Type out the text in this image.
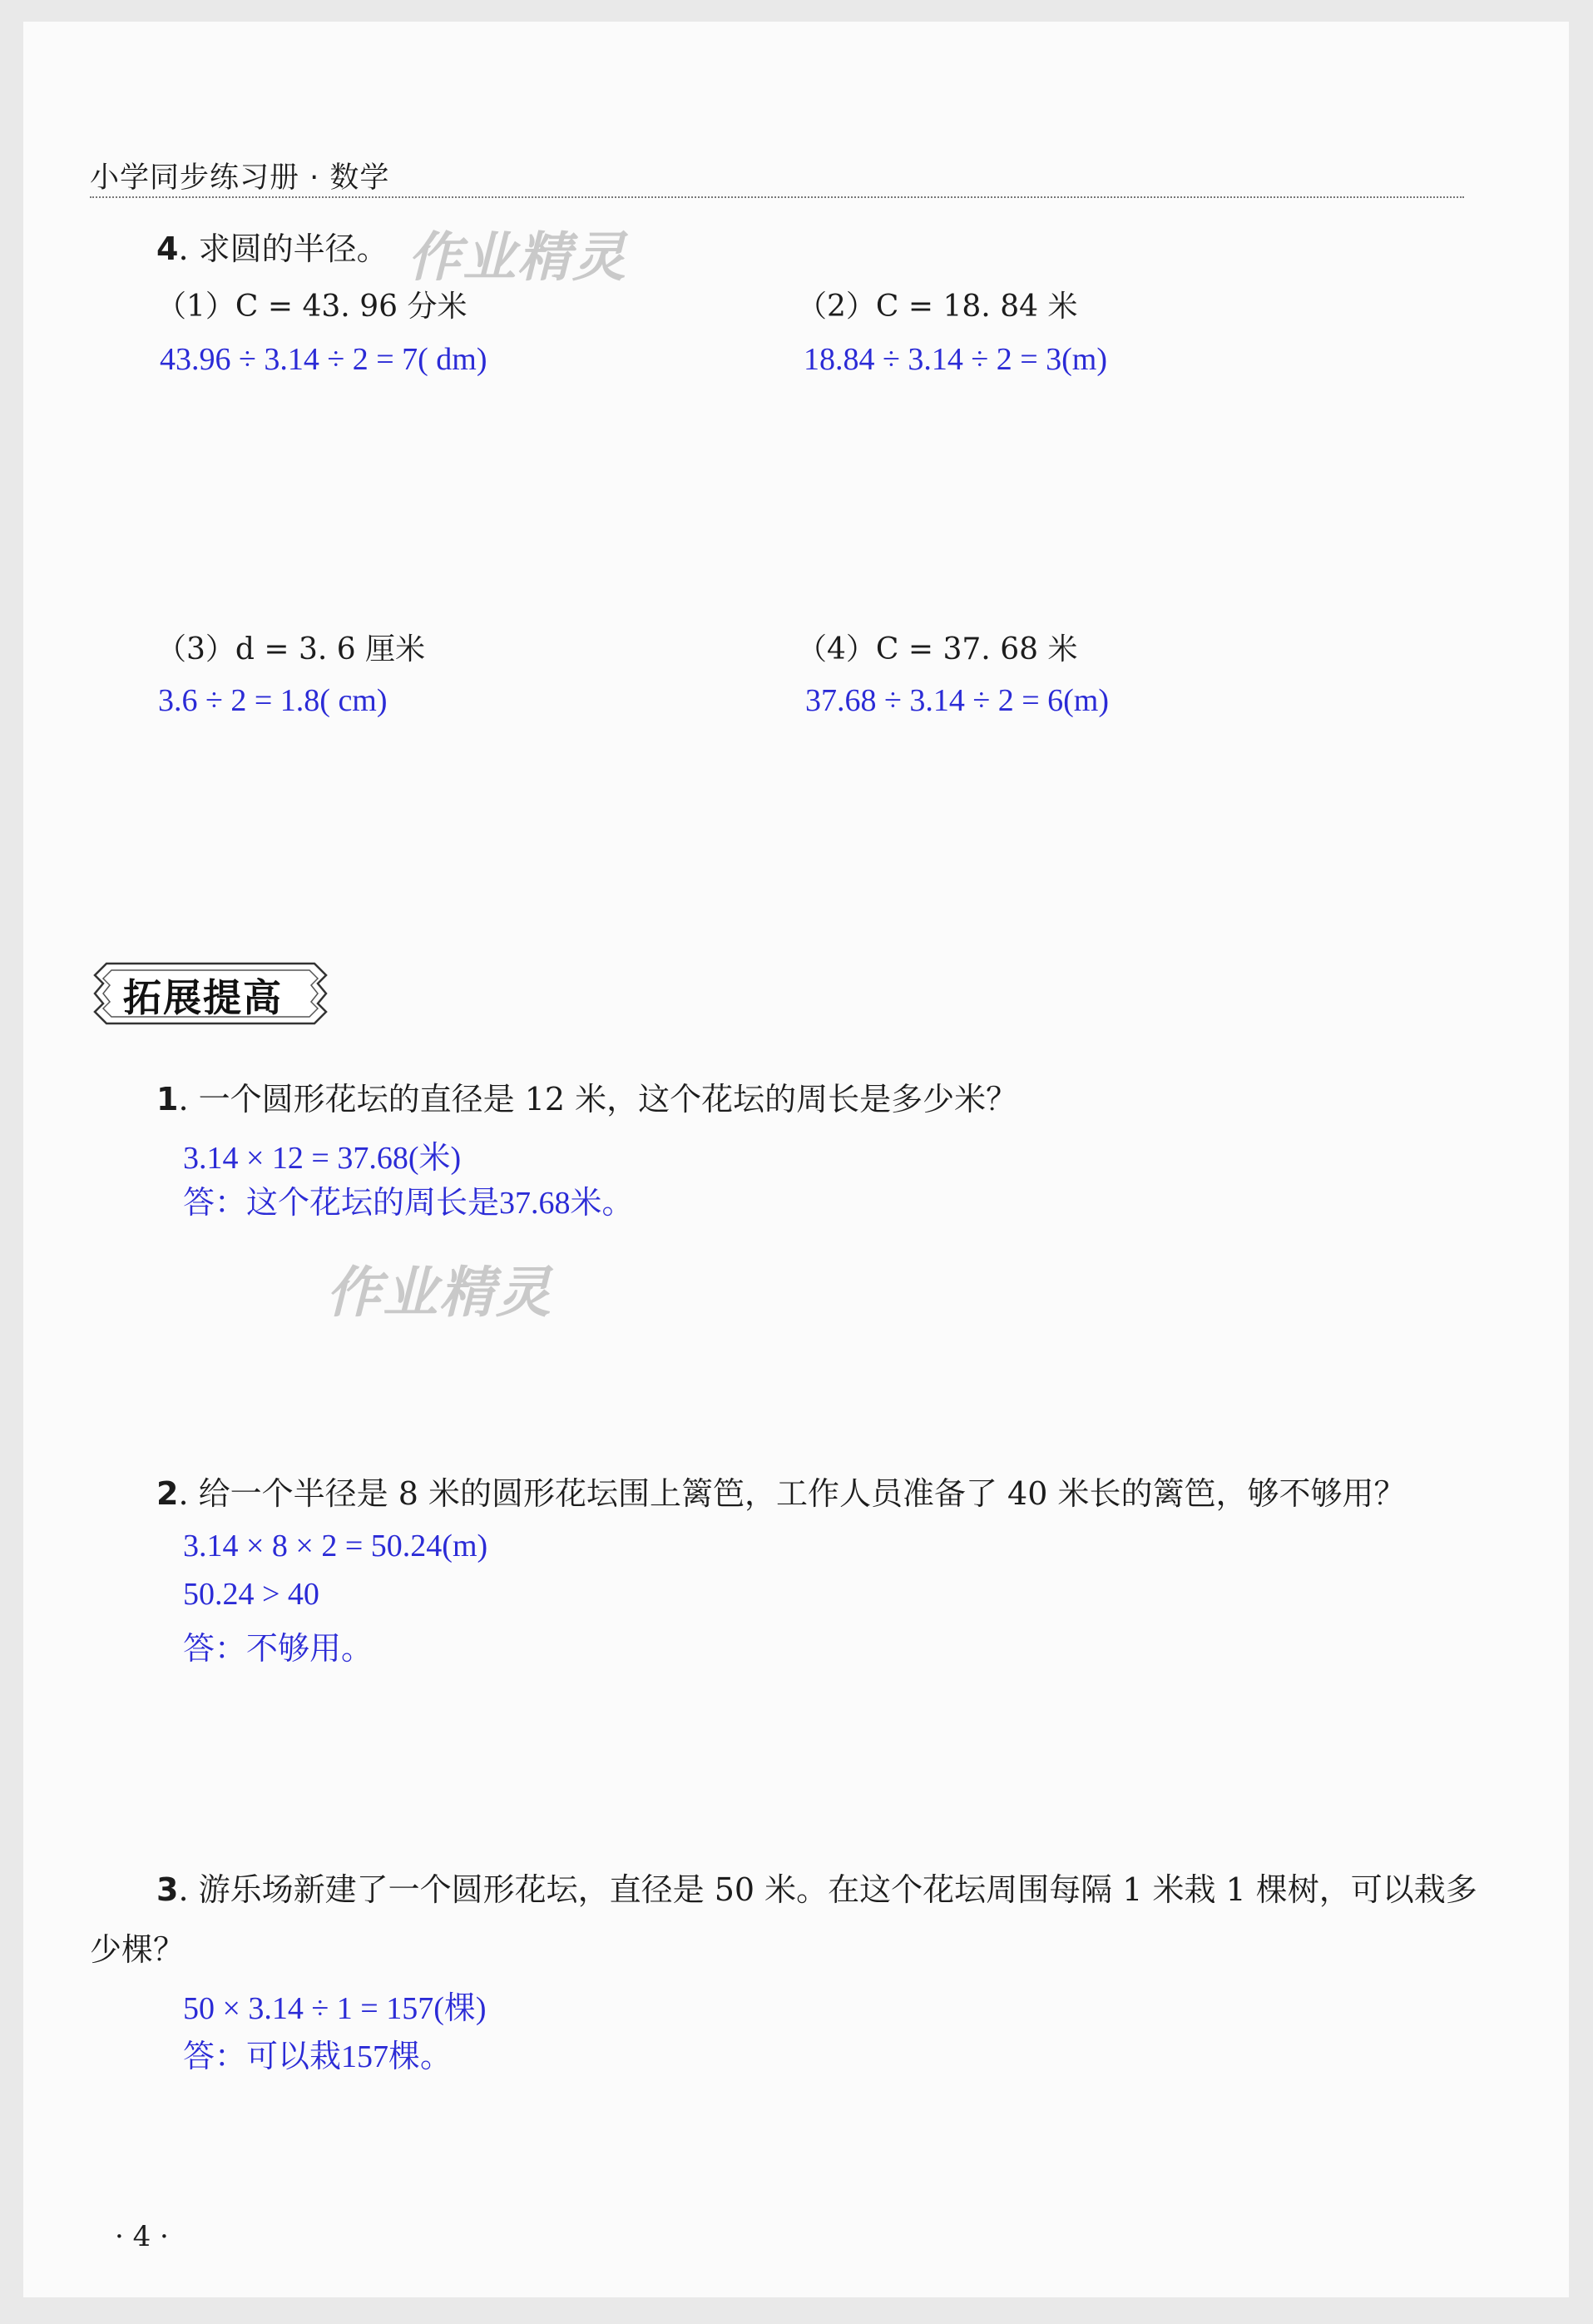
小学同步练习册 · 数学
4. 求圆的半径。 作业精灵
（1）C = 43. 96 分米
43.96 ÷ 3.14 ÷ 2 = 7( dm)
（2）C = 18. 84 米
18.84 ÷ 3.14 ÷ 2 = 3(m)
（3）d = 3. 6 厘米
3.6 ÷ 2 = 1.8( cm)
（4）C = 37. 68 米
37.68 ÷ 3.14 ÷ 2 = 6(m)
拓展提高
1. 一个圆形花坛的直径是 12 米，这个花坛的周长是多少米？
3.14 × 12 = 37.68(米)
答：这个花坛的周长是37.68米。
作业精灵
2. 给一个半径是 8 米的圆形花坛围上篱笆，工作人员准备了 40 米长的篱笆，够不够用？
3.14 × 8 × 2 = 50.24(m)
50.24 > 40
答：不够用。
3. 游乐场新建了一个圆形花坛，直径是 50 米。在这个花坛周围每隔 1 米栽 1 棵树，可以栽多
少棵？
50 × 3.14 ÷ 1 = 157(棵)
答：可以栽157棵。
· 4 ·
